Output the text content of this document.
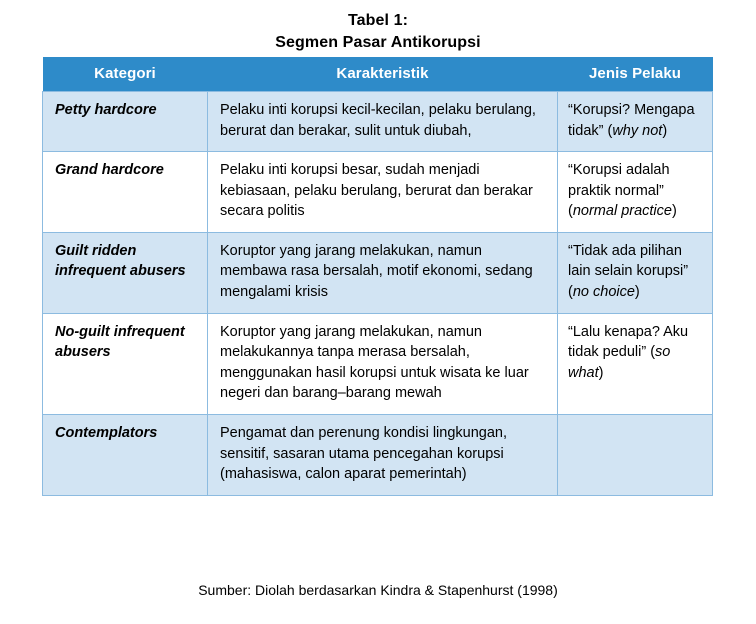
Tabel 1:
Segmen Pasar Antikorupsi
Kategori	Karakteristik	Jenis Pelaku
Petty hardcore	Pelaku inti korupsi kecil-kecilan, pelaku berulang, berurat dan berakar, sulit untuk diubah,	“Korupsi? Mengapa tidak” (why not)
Grand hardcore	Pelaku inti korupsi besar, sudah menjadi kebiasaan, pelaku berulang, berurat dan berakar secara politis	“Korupsi adalah praktik normal” (normal practice)
Guilt ridden infrequent abusers	Koruptor yang jarang melakukan, namun membawa rasa bersalah, motif ekonomi, sedang mengalami krisis	“Tidak ada pilihan lain selain korupsi” (no choice)
No-guilt infrequent abusers	Koruptor yang jarang melakukan, namun melakukannya tanpa merasa bersalah, menggunakan hasil korupsi untuk wisata ke luar negeri dan barang–barang mewah	“Lalu kenapa? Aku tidak peduli” (so what)
Contemplators	Pengamat dan perenung kondisi lingkungan, sensitif, sasaran utama pencegahan korupsi (mahasiswa, calon aparat pemerintah)	
Sumber: Diolah berdasarkan Kindra & Stapenhurst (1998)
